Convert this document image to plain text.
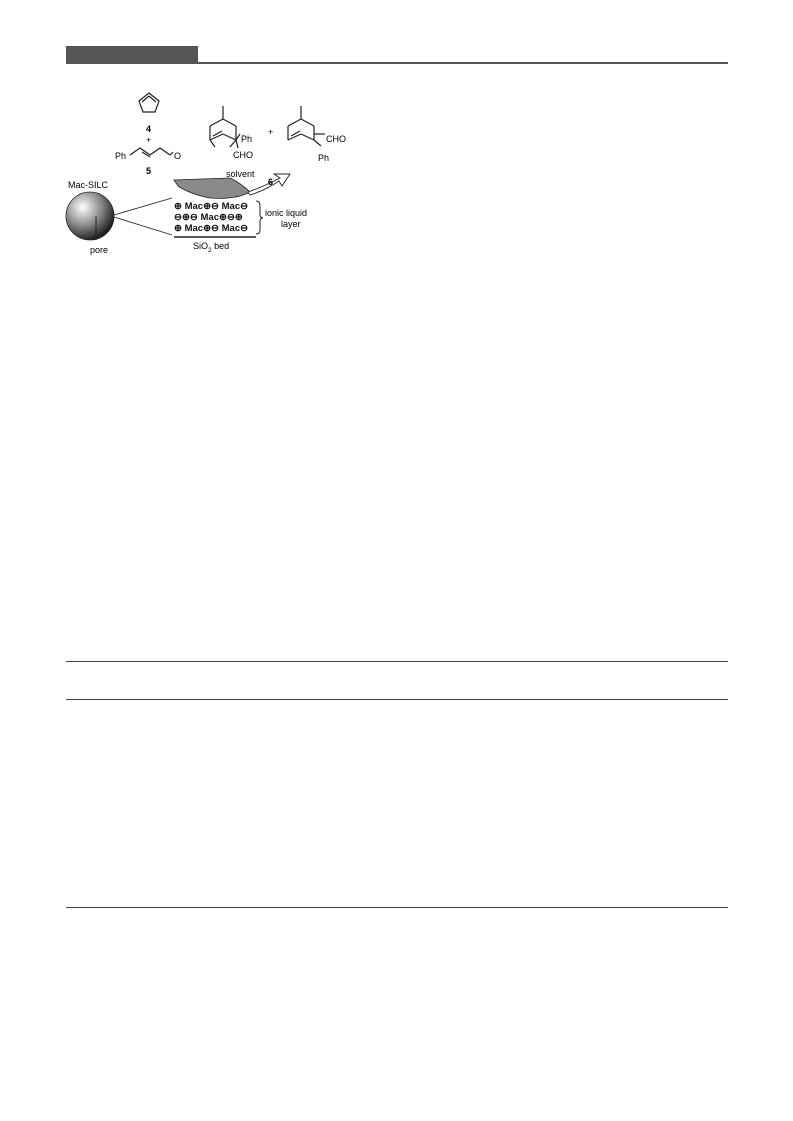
4
+
Ph	O
5
Ph
CHO
+
CHO
Ph
solvent
6
Mac-SILC
pore
⊕ Mac⊕⊖ Mac⊖
⊖⊕⊖ Mac⊕⊖⊕
⊕ Mac⊕⊖ Mac⊖
ionic liquid
layer
SiO$_2$ bed
